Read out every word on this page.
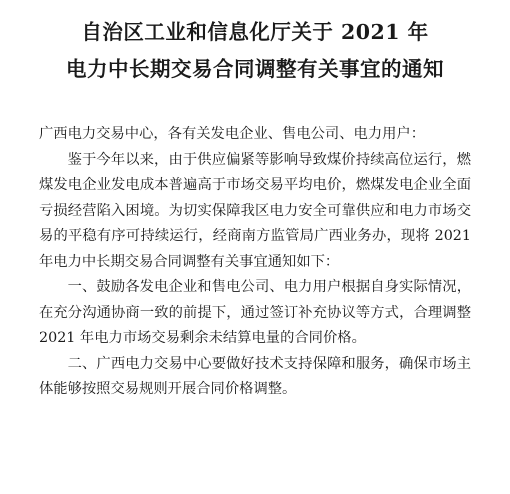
自治区工业和信息化厅关于 2021 年
电力中长期交易合同调整有关事宜的通知

广西电力交易中心，各有关发电企业、售电公司、电力用户：

鉴于今年以来，由于供应偏紧等影响导致煤价持续高位运行，燃煤发电企业发电成本普遍高于市场交易平均电价，燃煤发电企业全面亏损经营陷入困境。为切实保障我区电力安全可靠供应和电力市场交易的平稳有序可持续运行，经商南方监管局广西业务办，现将 2021 年电力中长期交易合同调整有关事宜通知如下：

一、鼓励各发电企业和售电公司、电力用户根据自身实际情况，在充分沟通协商一致的前提下，通过签订补充协议等方式，合理调整 2021 年电力市场交易剩余未结算电量的合同价格。

二、广西电力交易中心要做好技术支持保障和服务，确保市场主体能够按照交易规则开展合同价格调整。
